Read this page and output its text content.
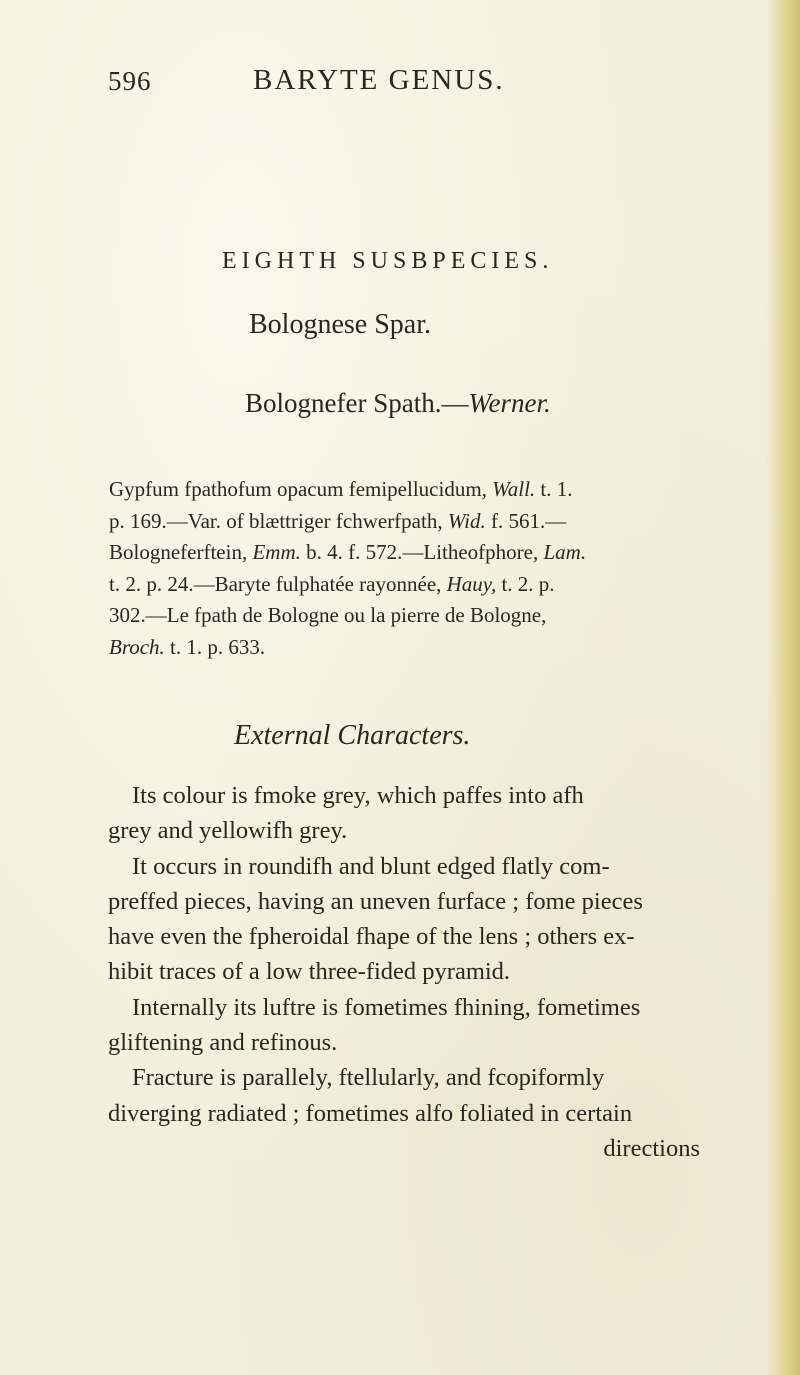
596	BARYTE GENUS.
EIGHTH SUSBPECIES.
Bolognese Spar.
Bolognefer Spath.—Werner.
Gypfum fpathofum opacum femipellucidum, Wall. t. 1.
p. 169.—Var. of blættriger fchwerfpath, Wid. f. 561.—
Bologneferftein, Emm. b. 4. f. 572.—Litheofphore, Lam.
t. 2. p. 24.—Baryte fulphatée rayonnée, Hauy, t. 2. p.
302.—Le fpath de Bologne ou la pierre de Bologne,
Broch. t. 1. p. 633.
External Characters.
Its colour is fmoke grey, which paffes into afh
grey and yellowifh grey.
It occurs in roundifh and blunt edged flatly com-
preffed pieces, having an uneven furface ; fome pieces
have even the fpheroidal fhape of the lens ; others ex-
hibit traces of a low three-fided pyramid.
Internally its luftre is fometimes fhining, fometimes
gliftening and refinous.
Fracture is parallely, ftellularly, and fcopiformly
diverging radiated ; fometimes alfo foliated in certain
directions
